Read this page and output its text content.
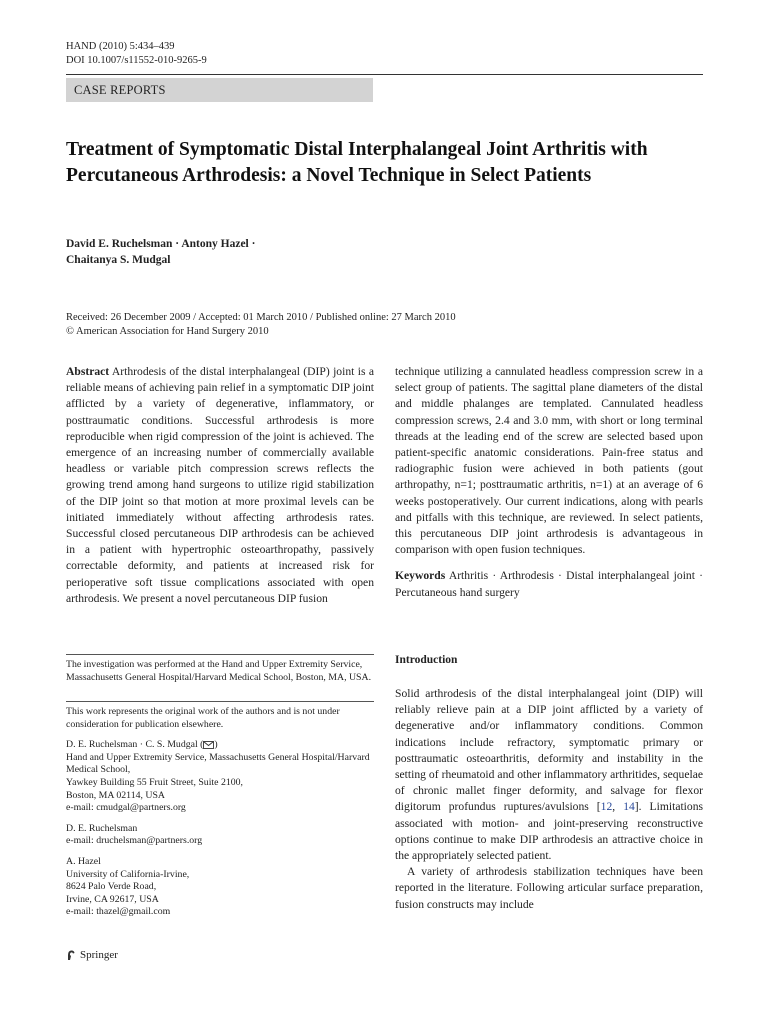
HAND (2010) 5:434–439
DOI 10.1007/s11552-010-9265-9
CASE REPORTS
Treatment of Symptomatic Distal Interphalangeal Joint Arthritis with Percutaneous Arthrodesis: a Novel Technique in Select Patients
David E. Ruchelsman · Antony Hazel ·
Chaitanya S. Mudgal
Received: 26 December 2009 / Accepted: 01 March 2010 / Published online: 27 March 2010
© American Association for Hand Surgery 2010

Abstract Arthrodesis of the distal interphalangeal (DIP) joint is a reliable means of achieving pain relief in a symptomatic DIP joint afflicted by a variety of degenerative, inflammatory, or posttraumatic conditions. Successful arthrodesis is more reproducible when rigid compression of the joint is achieved. The emergence of an increasing number of commercially available headless or variable pitch compression screws reflects the growing trend among hand surgeons to utilize rigid stabilization of the DIP joint so that motion at more proximal levels can be initiated immediately without affecting arthrodesis rates. Successful closed percutaneous DIP arthrodesis can be achieved in a patient with hypertrophic osteoarthropathy, passively correctable deformity, and patients at increased risk for perioperative soft tissue complications associated with open arthrodesis. We present a novel percutaneous DIP fusion

technique utilizing a cannulated headless compression screw in a select group of patients. The sagittal plane diameters of the distal and middle phalanges are templated. Cannulated headless compression screws, 2.4 and 3.0 mm, with short or long terminal threads at the leading end of the screw are selected based upon patient-specific anatomic considerations. Pain-free status and radiographic fusion were achieved in both patients (gout arthropathy, n=1; posttraumatic arthritis, n=1) at an average of 6 weeks postoperatively. Our current indications, along with pearls and pitfalls with this technique, are reviewed. In select patients, this percutaneous DIP joint arthrodesis is advantageous in comparison with open fusion techniques.

Keywords Arthritis · Arthrodesis · Distal interphalangeal joint · Percutaneous hand surgery

Introduction

Solid arthrodesis of the distal interphalangeal joint (DIP) will reliably relieve pain at a DIP joint afflicted by a variety of degenerative and/or inflammatory conditions. Common indications include refractory, symptomatic primary or posttraumatic osteoarthritis, deformity and instability in the setting of rheumatoid and other inflammatory arthritides, sequelae of chronic mallet finger deformity, and salvage for flexor digitorum profundus ruptures/avulsions [12, 14]. Limitations associated with motion- and joint-preserving reconstructive options continue to make DIP arthrodesis an attractive choice in the appropriately selected patient.

A variety of arthrodesis stabilization techniques have been reported in the literature. Following articular surface preparation, fusion constructs may include

The investigation was performed at the Hand and Upper Extremity Service, Massachusetts General Hospital/Harvard Medical School, Boston, MA, USA.

This work represents the original work of the authors and is not under consideration for publication elsewhere.

D. E. Ruchelsman · C. S. Mudgal ( )

Hand and Upper Extremity Service, Massachusetts General Hospital/Harvard Medical School,

Yawkey Building 55 Fruit Street, Suite 2100,

Boston, MA 02114, USA

e-mail: cmudgal@partners.org

D. E. Ruchelsman

e-mail: druchelsman@partners.org

A. Hazel

University of California-Irvine,

8624 Palo Verde Road,

Irvine, CA 92617, USA

e-mail: thazel@gmail.com

Springer
